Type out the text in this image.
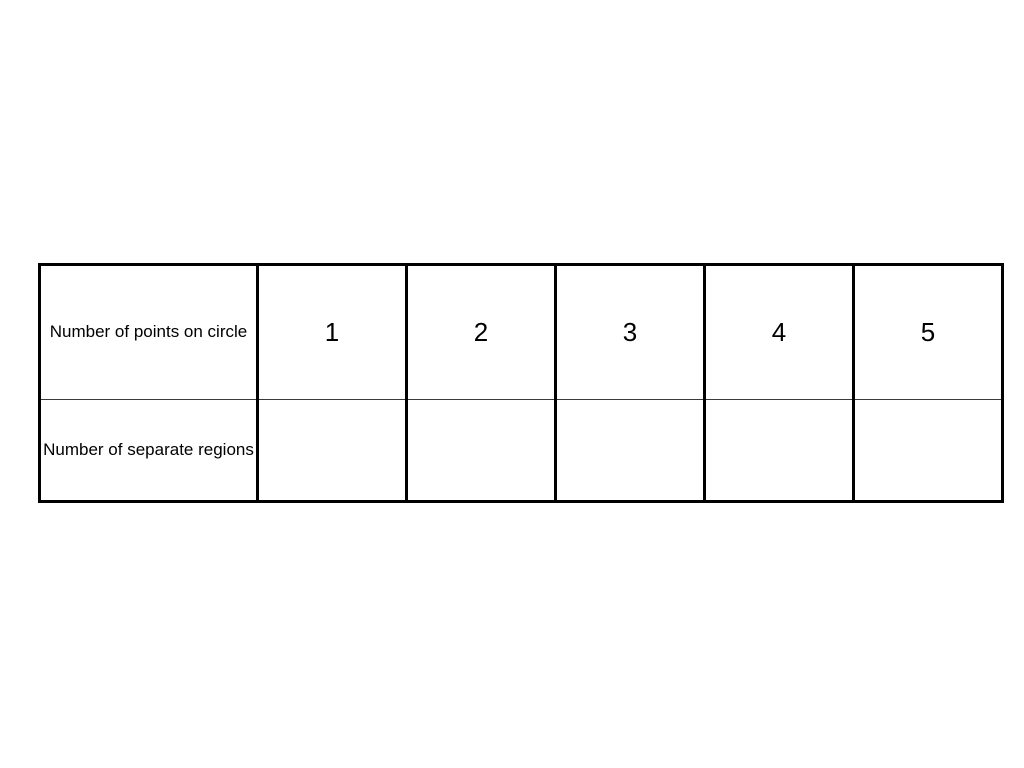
Number of points on circle	1	2	3	4	5

Number of separate regions					
